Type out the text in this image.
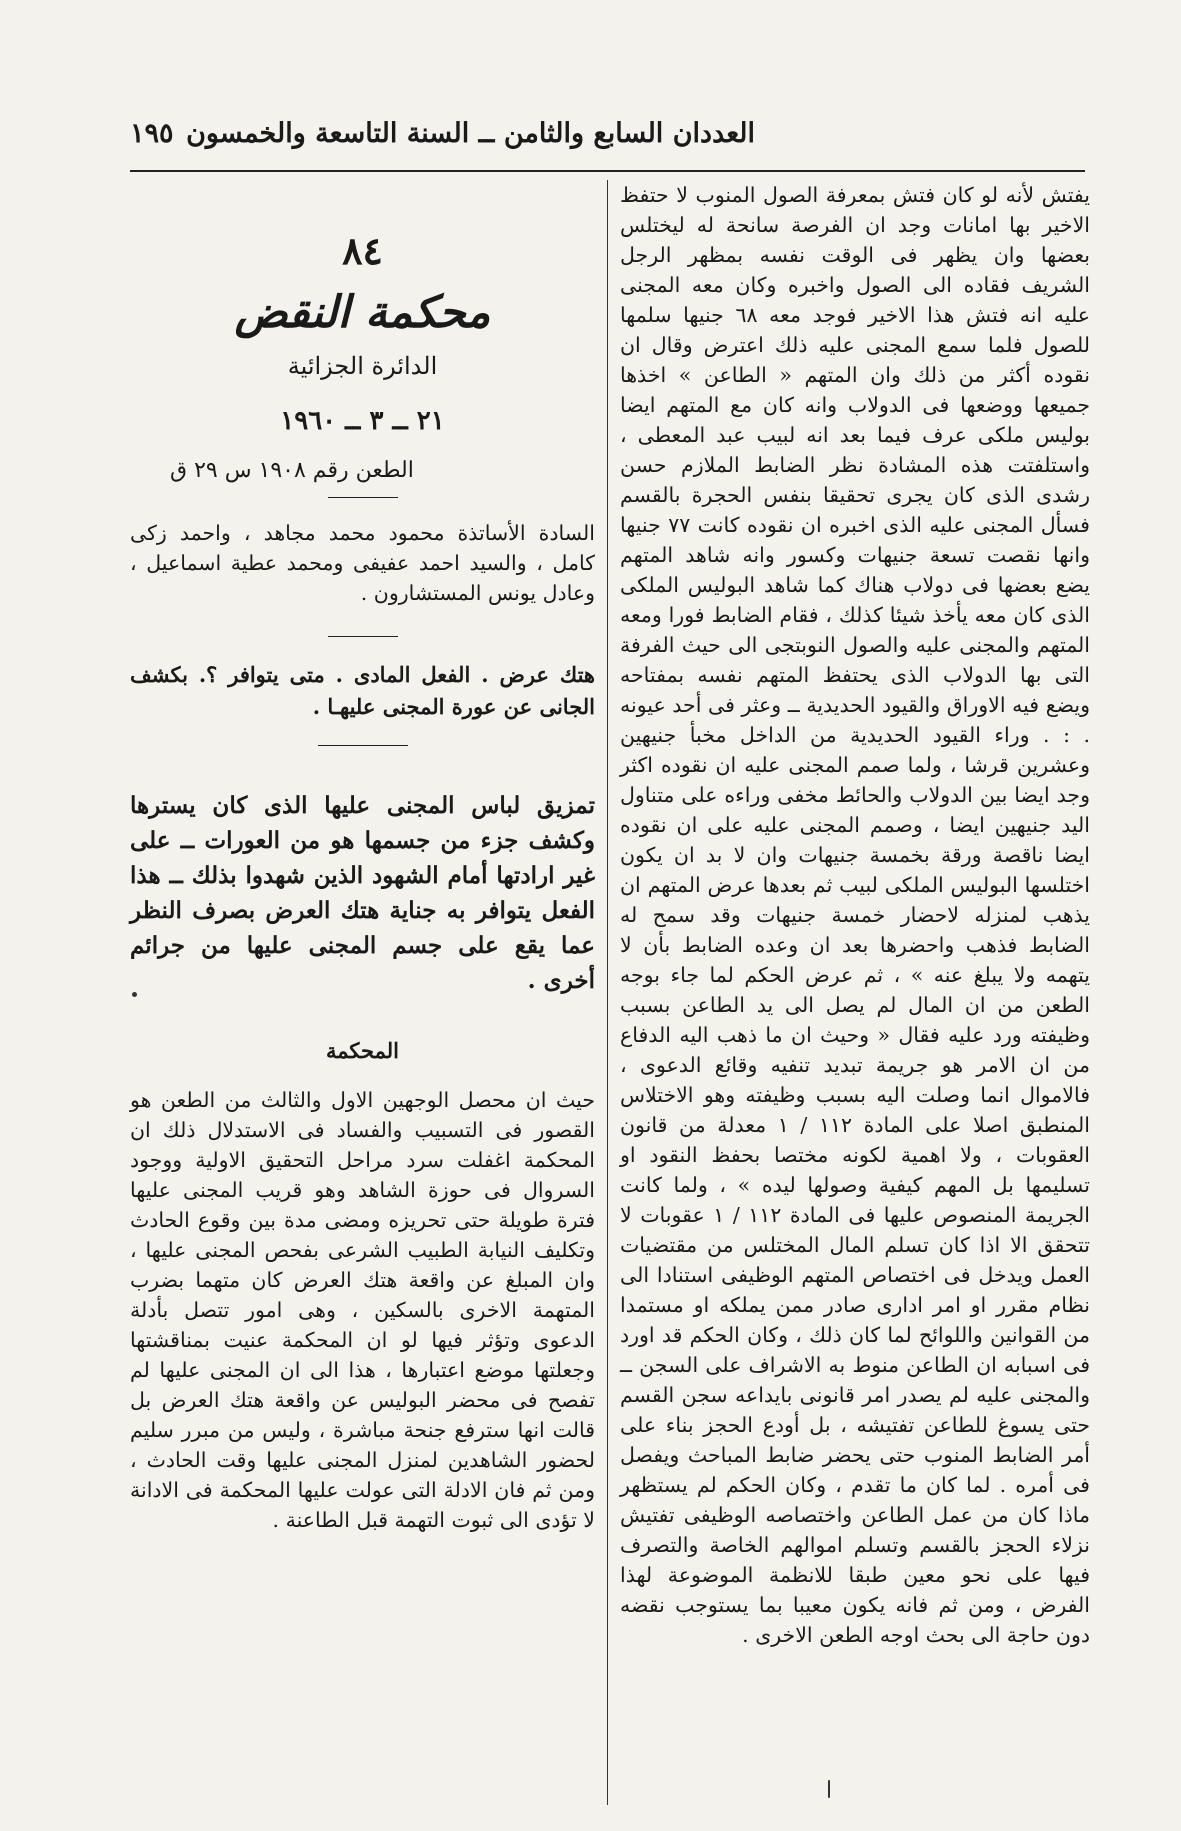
العددان السابع والثامن ــ السنة التاسعة والخمسون
١٩٥

يفتش لأنه لو كان فتش بمعرفة الصول المنوب لا حتفظ الاخير بها امانات وجد ان الفرصة سانحة له ليختلس بعضها وان يظهر فى الوقت نفسه بمظهر الرجل الشريف فقاده الى الصول واخبره وكان معه المجنى عليه انه فتش هذا الاخير فوجد معه ٦٨ جنيها سلمها للصول فلما سمع المجنى عليه ذلك اعترض وقال ان نقوده أكثر من ذلك وان المتهم « الطاعن » اخذها جميعها ووضعها فى الدولاب وانه كان مع المتهم ايضا بوليس ملكى عرف فيما بعد انه لبيب عبد المعطى ، واستلفتت هذه المشادة نظر الضابط الملازم حسن رشدى الذى كان يجرى تحقيقا بنفس الحجرة بالقسم فسأل المجنى عليه الذى اخبره ان نقوده كانت ٧٧ جنيها وانها نقصت تسعة جنيهات وكسور وانه شاهد المتهم يضع بعضها فى دولاب هناك كما شاهد البوليس الملكى الذى كان معه يأخذ شيئا كذلك ، فقام الضابط فورا ومعه المتهم والمجنى عليه والصول النوبتجى الى حيث الفرفة التى بها الدولاب الذى يحتفظ المتهم نفسه بمفتاحه ويضع فيه الاوراق والقيود الحديدية ــ وعثر فى أحد عيونه . : . وراء القيود الحديدية من الداخل مخبأ جنيهين وعشرين قرشا ، ولما صمم المجنى عليه ان نقوده اكثر وجد ايضا بين الدولاب والحائط مخفى وراءه على متناول اليد جنيهين ايضا ، وصمم المجنى عليه على ان نقوده ايضا ناقصة ورقة بخمسة جنيهات وان لا بد ان يكون اختلسها البوليس الملكى لبيب ثم بعدها عرض المتهم ان يذهب لمنزله لاحضار خمسة جنيهات وقد سمح له الضابط فذهب واحضرها بعد ان وعده الضابط بأن لا يتهمه ولا يبلغ عنه » ، ثم عرض الحكم لما جاء بوجه الطعن من ان المال لم يصل الى يد الطاعن بسبب وظيفته ورد عليه فقال « وحيث ان ما ذهب اليه الدفاع من ان الامر هو جريمة تبديد تنفيه وقائع الدعوى ، فالاموال انما وصلت اليه بسبب وظيفته وهو الاختلاس المنطبق اصلا على المادة ١١٢ / ١ معدلة من قانون العقوبات ، ولا اهمية لكونه مختصا بحفظ النقود او تسليمها بل المهم كيفية وصولها ليده » ، ولما كانت الجريمة المنصوص عليها فى المادة ١١٢ / ١ عقوبات لا تتحقق الا اذا كان تسلم المال المختلس من مقتضيات العمل ويدخل فى اختصاص المتهم الوظيفى استنادا الى نظام مقرر او امر ادارى صادر ممن يملكه او مستمدا من القوانين واللوائح لما كان ذلك ، وكان الحكم قد اورد فى اسبابه ان الطاعن منوط به الاشراف على السجن ــ والمجنى عليه لم يصدر امر قانونى بايداعه سجن القسم حتى يسوغ للطاعن تفتيشه ، بل أودع الحجز بناء على أمر الضابط المنوب حتى يحضر ضابط المباحث ويفصل فى أمره . لما كان ما تقدم ، وكان الحكم لم يستظهر ماذا كان من عمل الطاعن واختصاصه الوظيفى تفتيش نزلاء الحجز بالقسم وتسلم اموالهم الخاصة والتصرف فيها على نحو معين طبقا للانظمة الموضوعة لهذا الفرض ، ومن ثم فانه يكون معيبا بما يستوجب نقضه دون حاجة الى بحث اوجه الطعن الاخرى .

٨٤
محكمة النقض
الدائرة الجزائية
٢١ ــ ٣ ــ ١٩٦٠
الطعن رقم ١٩٠٨ س ٢٩ ق

السادة الأساتذة محمود محمد مجاهد ، واحمد زكى كامل ، والسيد احمد عفيفى ومحمد عطية اسماعيل ، وعادل يونس المستشارون .

هتك عرض . الفعل المادى . متى يتوافر ؟. بكشف الجانى عن عورة المجنى عليهـا .

تمزيق لباس المجنى عليها الذى كان يسترها وكشف جزء من جسمها هو من العورات ــ على غير ارادتها أمام الشهود الذين شهدوا بذلك ــ هذا الفعل يتوافر به جناية هتك العرض بصرف النظر عما يقع على جسم المجنى عليها من جرائم أخرى .

المحكمة

حيث ان محصل الوجهين الاول والثالث من الطعن هو القصور فى التسبيب والفساد فى الاستدلال ذلك ان المحكمة اغفلت سرد مراحل التحقيق الاولية ووجود السروال فى حوزة الشاهد وهو قريب المجنى عليها فترة طويلة حتى تحريزه ومضى مدة بين وقوع الحادث وتكليف النيابة الطبيب الشرعى بفحص المجنى عليها ، وان المبلغ عن واقعة هتك العرض كان متهما بضرب المتهمة الاخرى بالسكين ، وهى امور تتصل بأدلة الدعوى وتؤثر فيها لو ان المحكمة عنيت بمناقشتها وجعلتها موضع اعتبارها ، هذا الى ان المجنى عليها لم تفصح فى محضر البوليس عن واقعة هتك العرض بل قالت انها سترفع جنحة مباشرة ، وليس من مبرر سليم لحضور الشاهدين لمنزل المجنى عليها وقت الحادث ، ومن ثم فان الادلة التى عولت عليها المحكمة فى الادانة لا تؤدى الى ثبوت التهمة قبل الطاعنة .
